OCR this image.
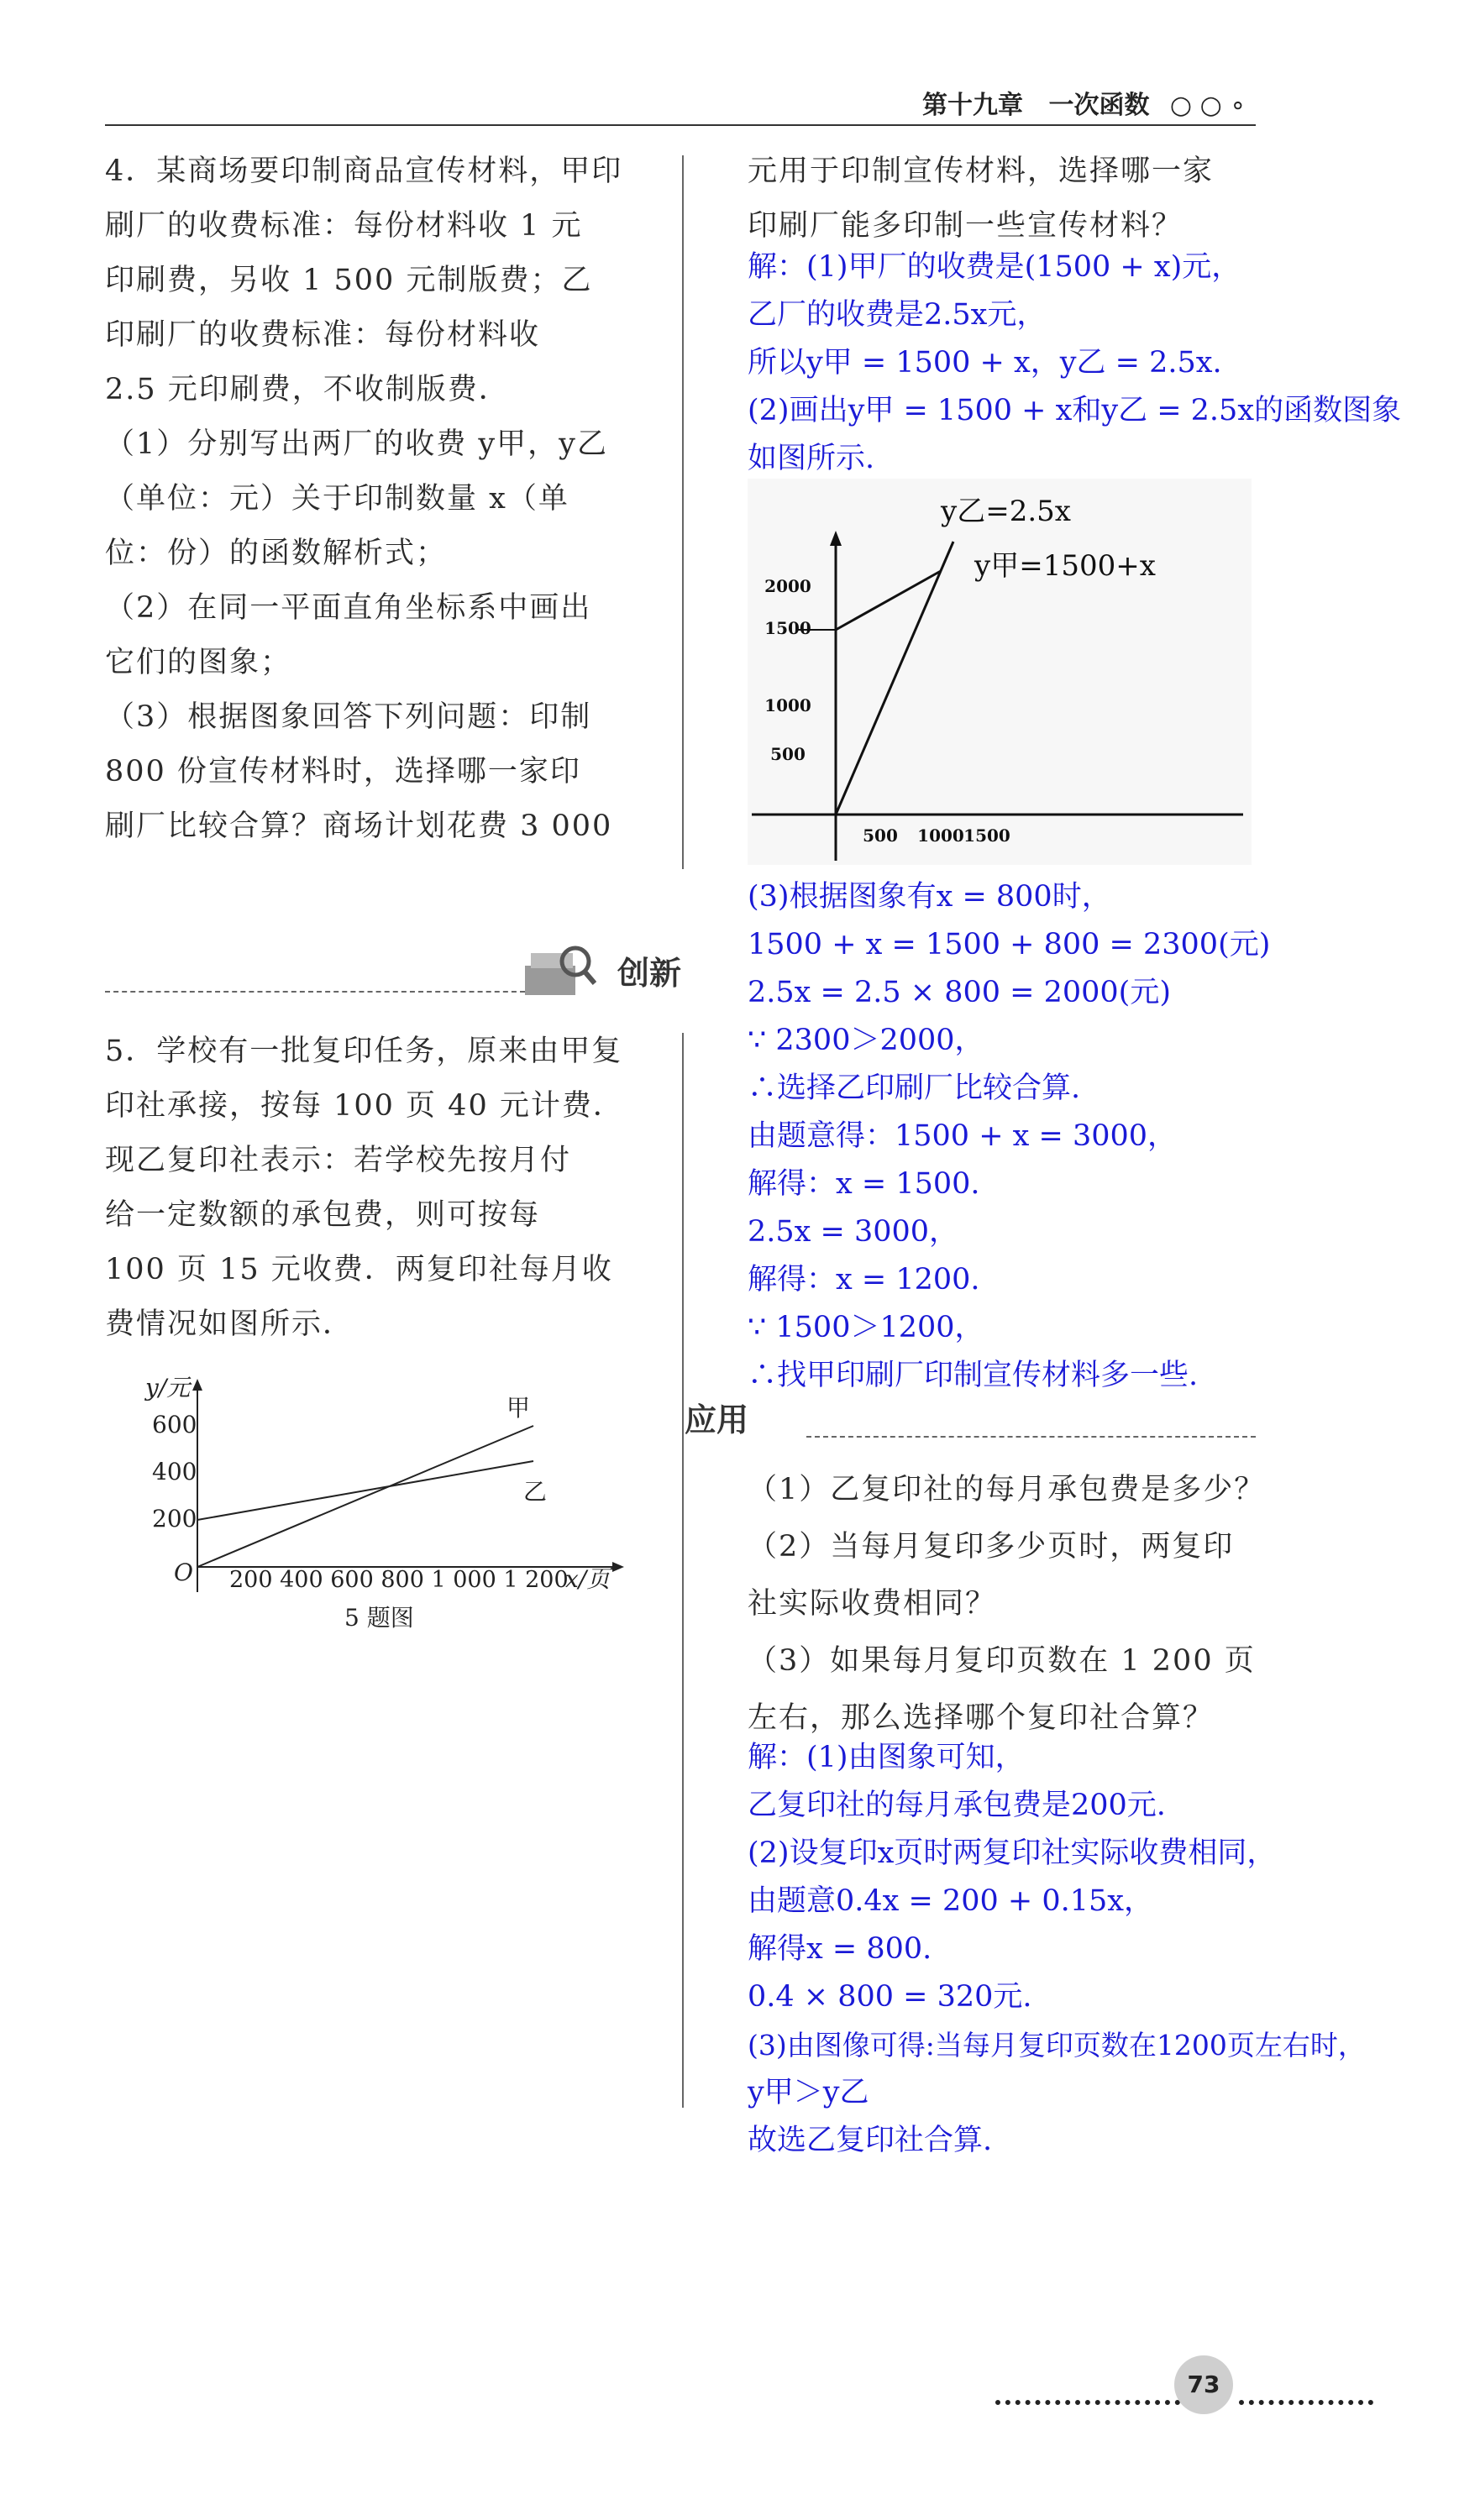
第十九章 一次函数 ○ ○ ∘
4．某商场要印制商品宣传材料，甲印
刷厂的收费标准：每份材料收 1 元
印刷费，另收 1 500 元制版费；乙
印刷厂的收费标准：每份材料收
2.5 元印刷费，不收制版费．
（1）分别写出两厂的收费 y甲，y乙
（单位：元）关于印制数量 x（单
位：份）的函数解析式；
（2）在同一平面直角坐标系中画出
它们的图象；
（3）根据图象回答下列问题：印制
800 份宣传材料时，选择哪一家印
刷厂比较合算？商场计划花费 3 000
元用于印制宣传材料，选择哪一家
印刷厂能多印制一些宣传材料？
解：(1)甲厂的收费是(1500 + x)元，
乙厂的收费是2.5x元，
所以y甲 = 1500 + x，y乙 = 2.5x.
(2)画出y甲 = 1500 + x和y乙 = 2.5x的函数图象
如图所示.
y乙=2.5x
y甲=1500+x
2000
1500
1000
500
500 1000 1500
(3)根据图象有x = 800时，
1500 + x = 1500 + 800 = 2300(元)
2.5x = 2.5 × 800 = 2000(元)
∵ 2300＞2000，
∴选择乙印刷厂比较合算.
由题意得：1500 + x = 3000，
解得：x = 1500.
2.5x = 3000，
解得：x = 1200.
∵ 1500＞1200，
∴找甲印刷厂印制宣传材料多一些.
创新
应用
5．学校有一批复印任务，原来由甲复
印社承接，按每 100 页 40 元计费．
现乙复印社表示：若学校先按月付
给一定数额的承包费，则可按每
100 页 15 元收费．两复印社每月收
费情况如图所示．
y/元
600
400
200
O 200 400 600 800 1 000 1 200
x/页
甲
乙
5 题图
（1）乙复印社的每月承包费是多少？
（2）当每月复印多少页时，两复印
社实际收费相同？
（3）如果每月复印页数在 1 200 页
左右，那么选择哪个复印社合算？
解：(1)由图象可知，
乙复印社的每月承包费是200元.
(2)设复印x页时两复印社实际收费相同，
由题意0.4x = 200 + 0.15x，
解得x = 800.
0.4 × 800 = 320元.
(3)由图像可得:当每月复印页数在1200页左右时，
y甲＞y乙
故选乙复印社合算.
73
